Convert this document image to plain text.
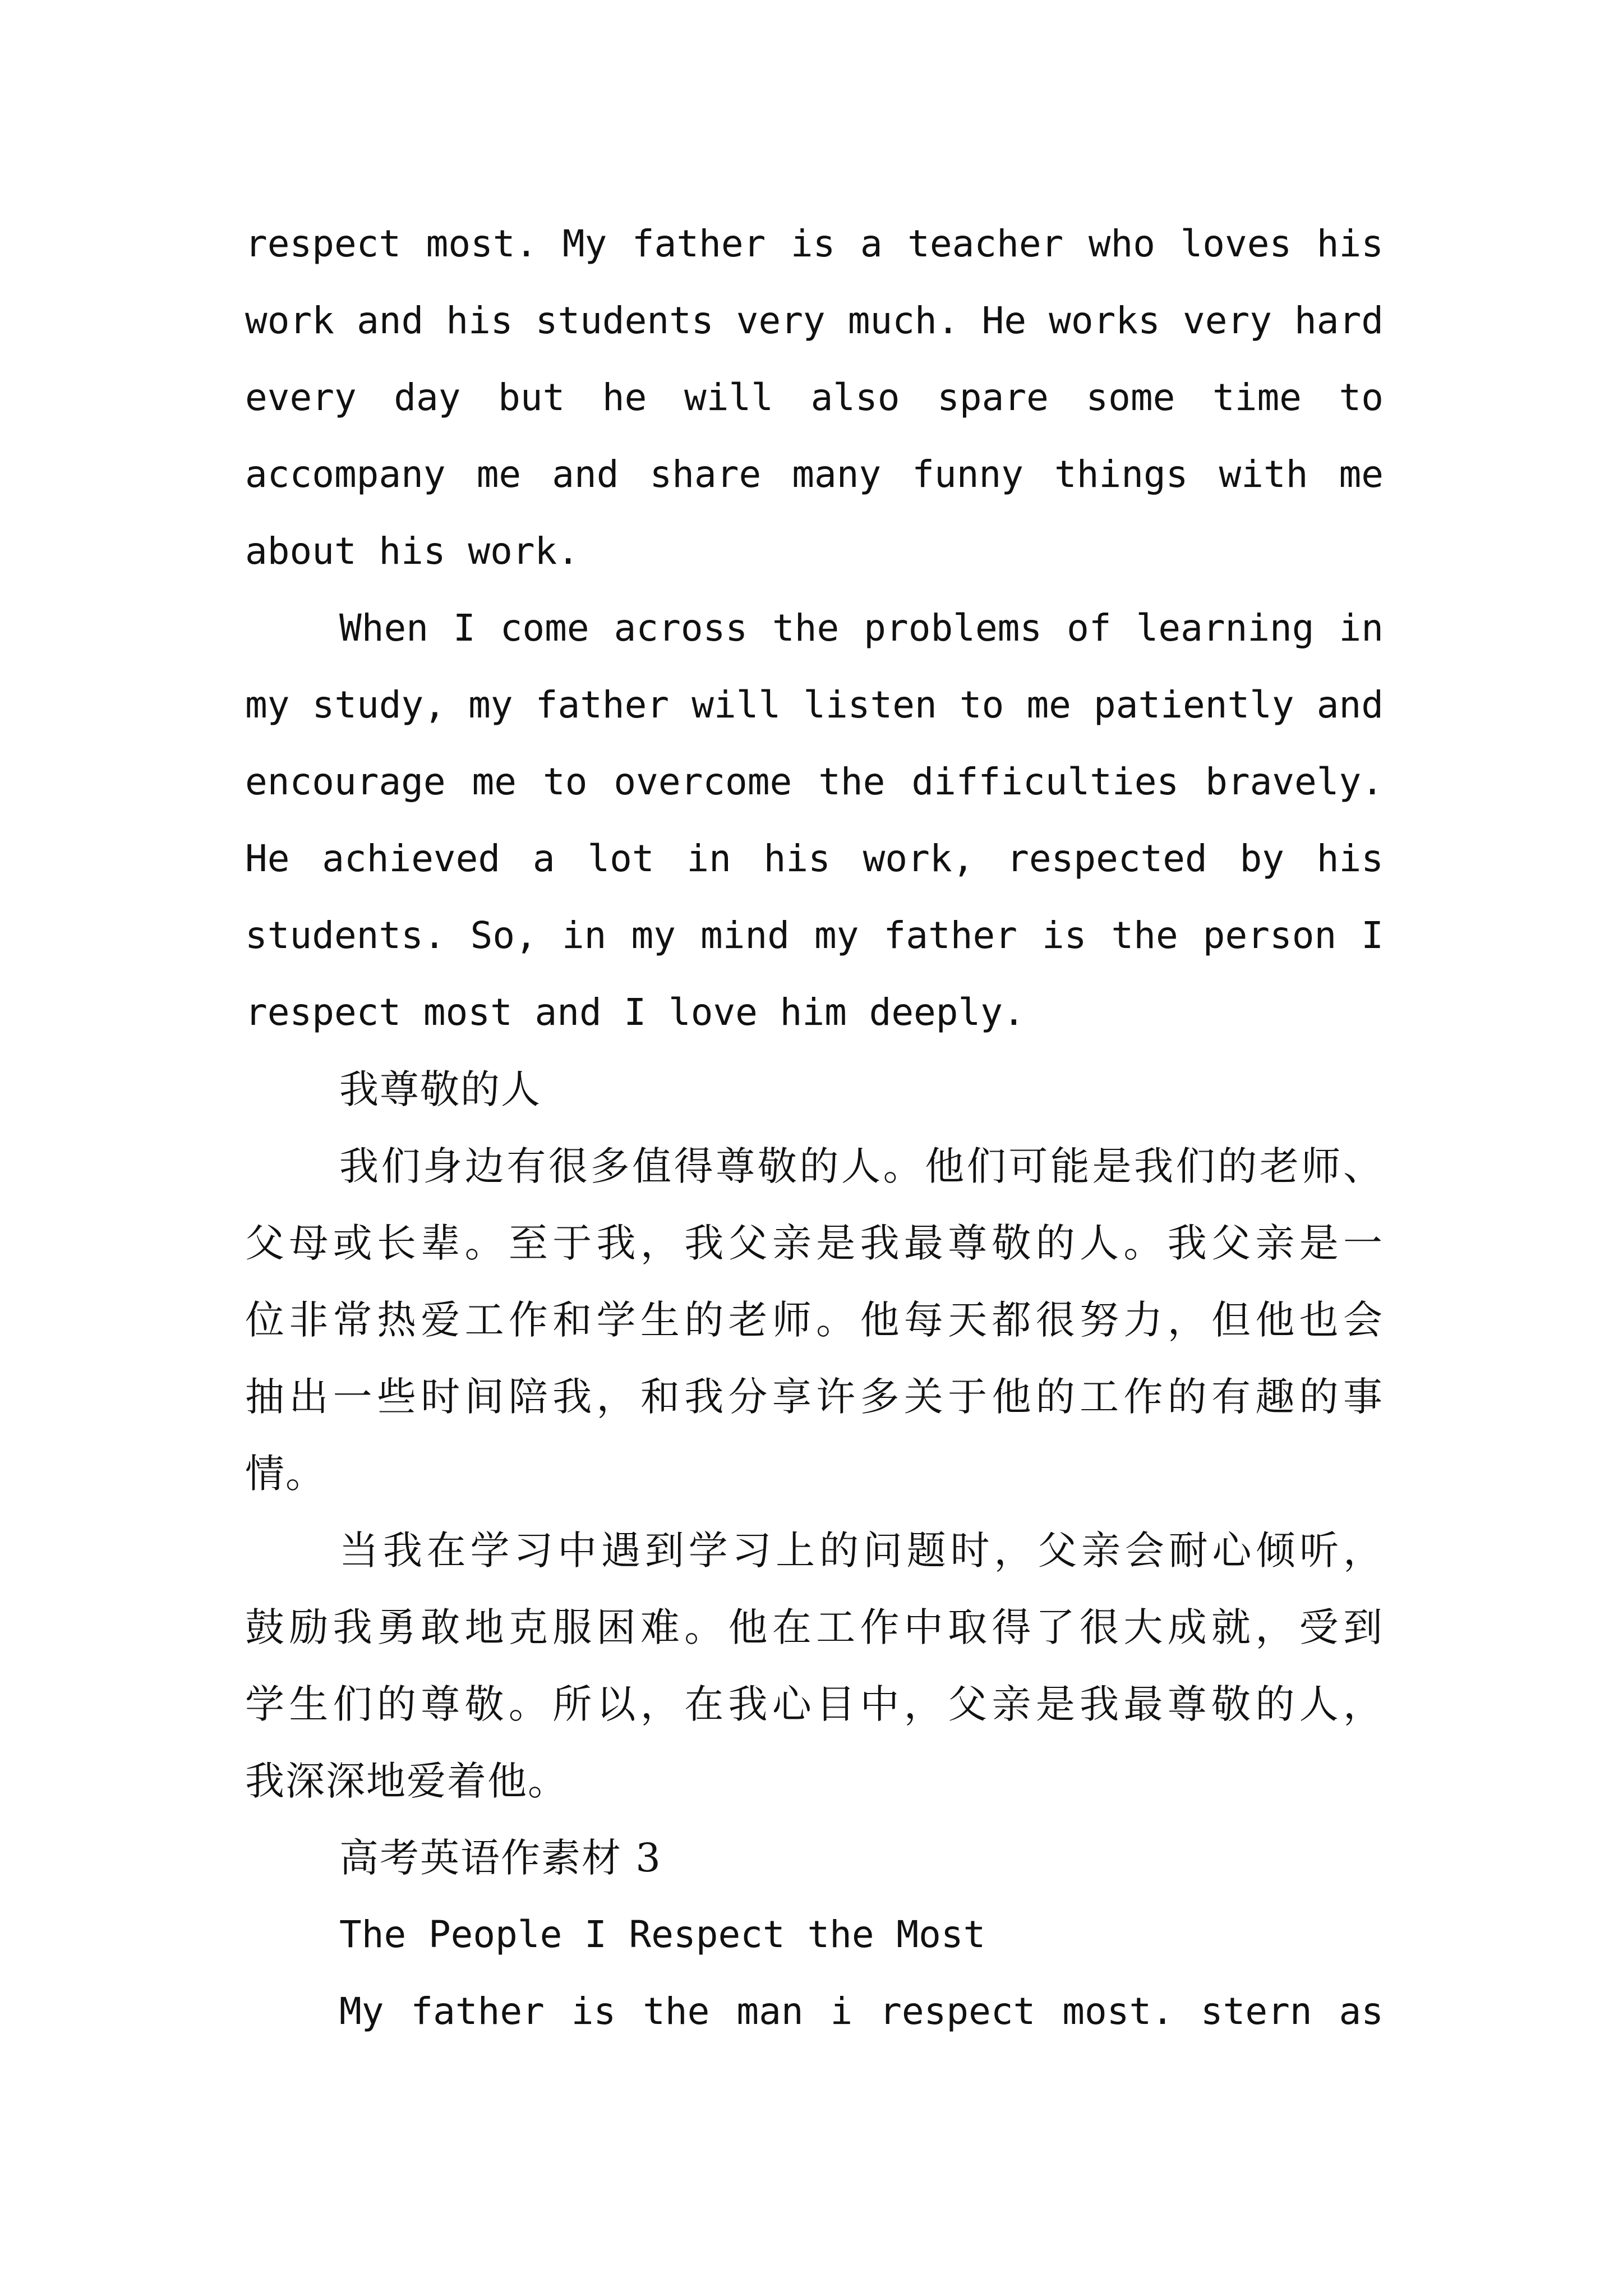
respect most. My father is a teacher who loves his

work and his students very much. He works very hard

every day but he will also spare some time to

accompany me and share many funny things with me

about his work.

When I come across the problems of learning in

my study, my father will listen to me patiently and

encourage me to overcome the difficulties bravely.

He achieved a lot in his work, respected by his

students. So, in my mind my father is the person I

respect most and I love him deeply.

我尊敬的人

我们身边有很多值得尊敬的人。他们可能是我们的老师、

父母或长辈。至于我，我父亲是我最尊敬的人。我父亲是一

位非常热爱工作和学生的老师。他每天都很努力，但他也会

抽出一些时间陪我，和我分享许多关于他的工作的有趣的事

情。

当我在学习中遇到学习上的问题时，父亲会耐心倾听，

鼓励我勇敢地克服困难。他在工作中取得了很大成就，受到

学生们的尊敬。所以，在我心目中，父亲是我最尊敬的人，

我深深地爱着他。

高考英语作素材 3

The People I Respect the Most

My father is the man i respect most. stern as
